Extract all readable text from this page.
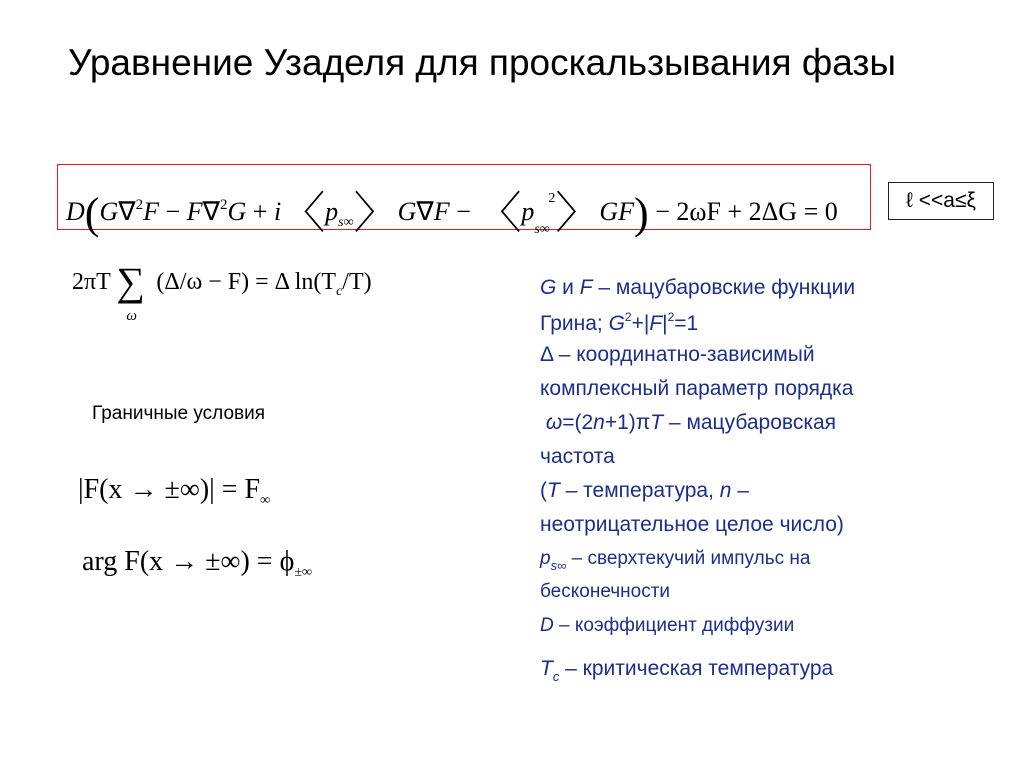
Уравнение Узаделя для проскальзывания фазы
D(G∇$^2$F − F∇$^2$G + i〈$p_{s\infty}$〉G∇F − 〈p 2
$_{s\infty}$ 〉GF) − 2ωF + 2ΔG = 0	ℓ <<a≤ξ
2πT ∑
ω
(Δ/ω − F) = Δ $\ln(T_c/T)$
Граничные условия
|F(x → ±∞)| = $F_\infty$
arg F(x → ±∞) = $\phi_{\pm\infty}$
G и F – мацубаровские функции
Грина; $G^2+|F|^2=1$
Δ – координатно-зависимый
комплексный параметр порядка
ω=(2n+1)πT – мацубаровская
частота
(T – температура, n –
неотрицательное целое число)
$p_{s\infty}$ – сверхтекучий импульс на
бесконечности
D – коэффициент диффузии
$T_c$ – критическая температура
